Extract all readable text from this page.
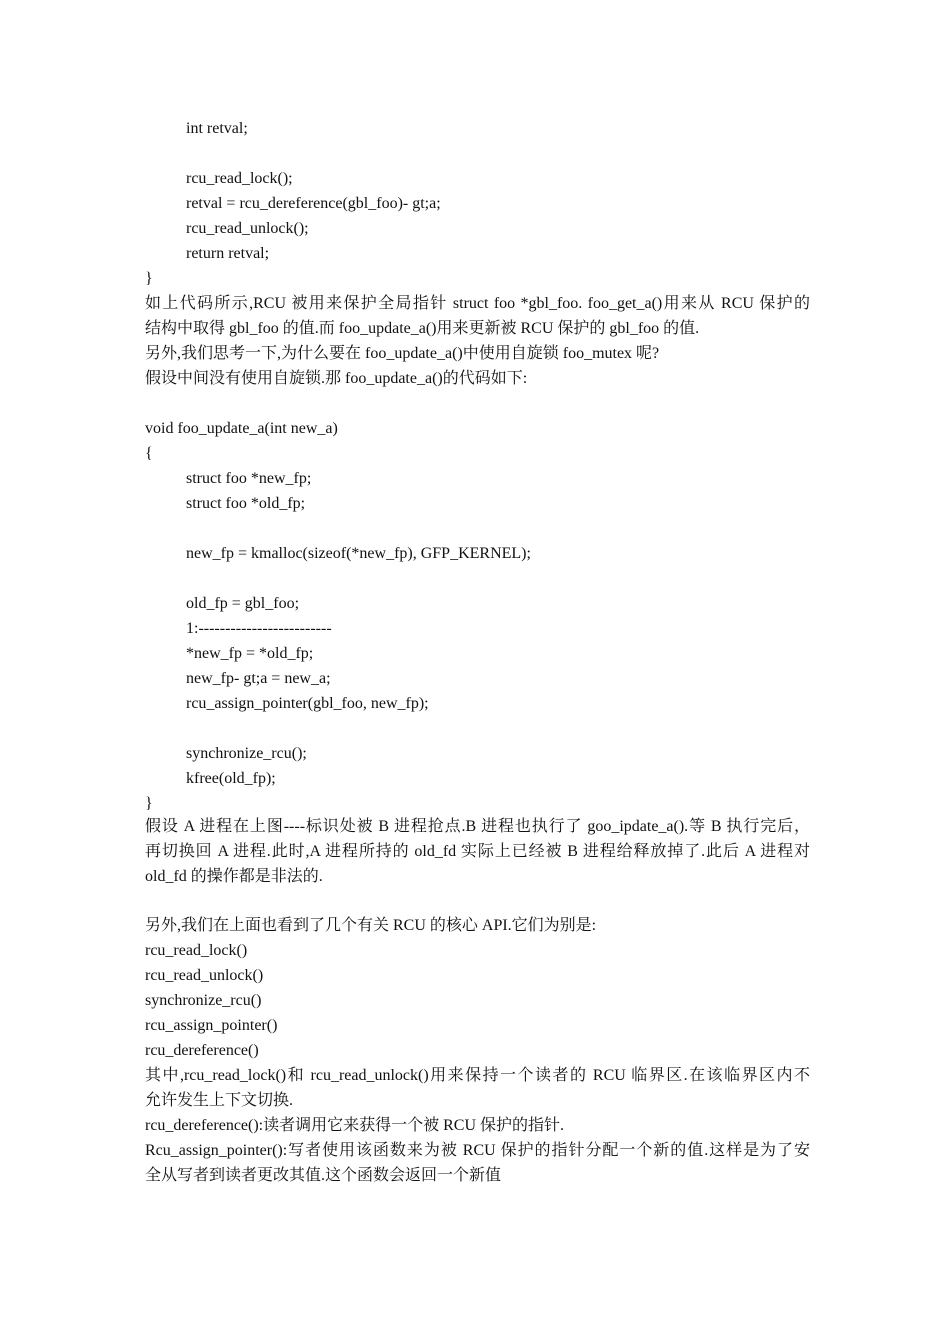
int retval;
rcu_read_lock();
retval = rcu_dereference(gbl_foo)- gt;a;
rcu_read_unlock();
return retval;
}
如上代码所示,RCU 被用来保护全局指针 struct foo *gbl_foo. foo_get_a()用来从 RCU 保护的
结构中取得 gbl_foo 的值.而 foo_update_a()用来更新被 RCU 保护的 gbl_foo 的值.
另外,我们思考一下,为什么要在 foo_update_a()中使用自旋锁 foo_mutex 呢?
假设中间没有使用自旋锁.那 foo_update_a()的代码如下:
void foo_update_a(int new_a)
{
struct foo *new_fp;
struct foo *old_fp;
new_fp = kmalloc(sizeof(*new_fp), GFP_KERNEL);
old_fp = gbl_foo;
1:-------------------------
*new_fp = *old_fp;
new_fp- gt;a = new_a;
rcu_assign_pointer(gbl_foo, new_fp);
synchronize_rcu();
kfree(old_fp);
}
假设 A 进程在上图----标识处被 B 进程抢点.B 进程也执行了 goo_ipdate_a().等 B 执行完后，
再切换回 A 进程.此时,A 进程所持的 old_fd 实际上已经被 B 进程给释放掉了.此后 A 进程对
old_fd 的操作都是非法的.
另外,我们在上面也看到了几个有关 RCU 的核心 API.它们为别是:
rcu_read_lock()
rcu_read_unlock()
synchronize_rcu()
rcu_assign_pointer()
rcu_dereference()
其中,rcu_read_lock()和 rcu_read_unlock()用来保持一个读者的 RCU 临界区.在该临界区内不
允许发生上下文切换.
rcu_dereference():读者调用它来获得一个被 RCU 保护的指针.
Rcu_assign_pointer():写者使用该函数来为被 RCU 保护的指针分配一个新的值.这样是为了安
全从写者到读者更改其值.这个函数会返回一个新值
